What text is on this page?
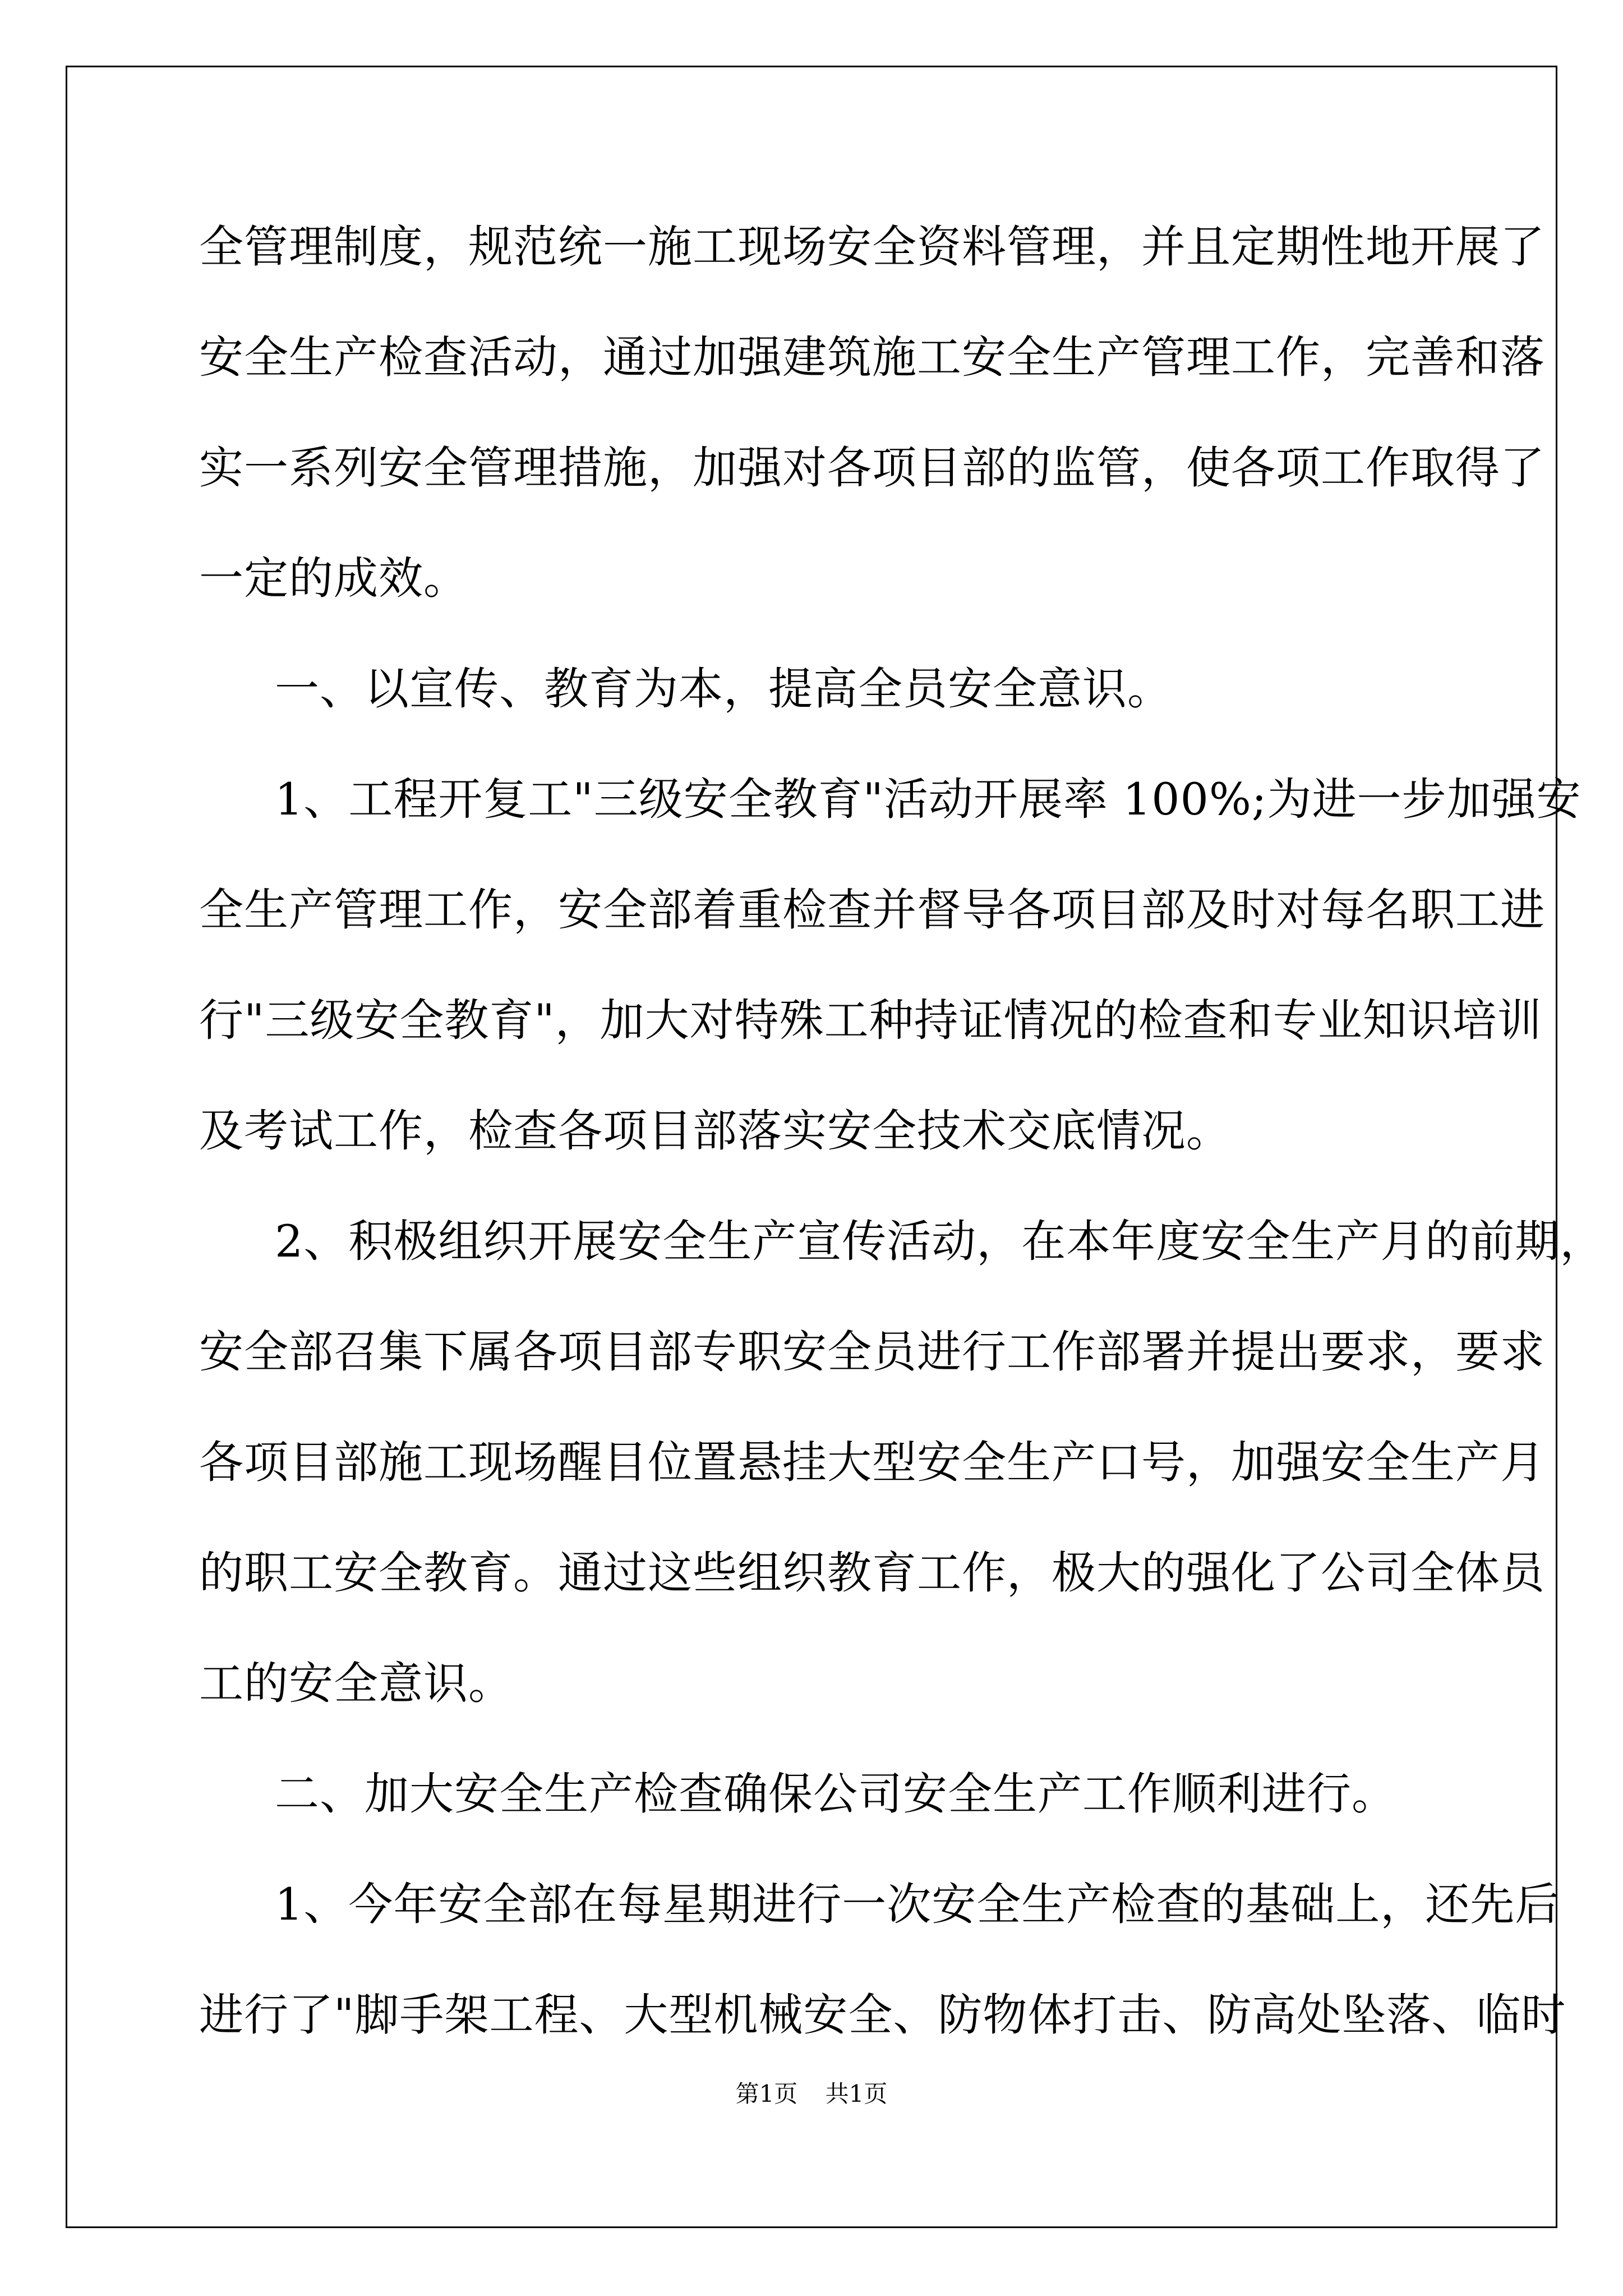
全管理制度，规范统一施工现场安全资料管理，并且定期性地开展了
安全生产检查活动，通过加强建筑施工安全生产管理工作，完善和落
实一系列安全管理措施，加强对各项目部的监管，使各项工作取得了
一定的成效。
一、以宣传、教育为本，提高全员安全意识。
1、工程开复工"三级安全教育"活动开展率 100%;为进一步加强安
全生产管理工作，安全部着重检查并督导各项目部及时对每名职工进
行"三级安全教育"，加大对特殊工种持证情况的检查和专业知识培训
及考试工作，检查各项目部落实安全技术交底情况。
2、积极组织开展安全生产宣传活动，在本年度安全生产月的前期，
安全部召集下属各项目部专职安全员进行工作部署并提出要求，要求
各项目部施工现场醒目位置悬挂大型安全生产口号，加强安全生产月
的职工安全教育。通过这些组织教育工作，极大的强化了公司全体员
工的安全意识。
二、加大安全生产检查确保公司安全生产工作顺利进行。
1、今年安全部在每星期进行一次安全生产检查的基础上，还先后
进行了"脚手架工程、大型机械安全、防物体打击、防高处坠落、临时
第1页 共1页
